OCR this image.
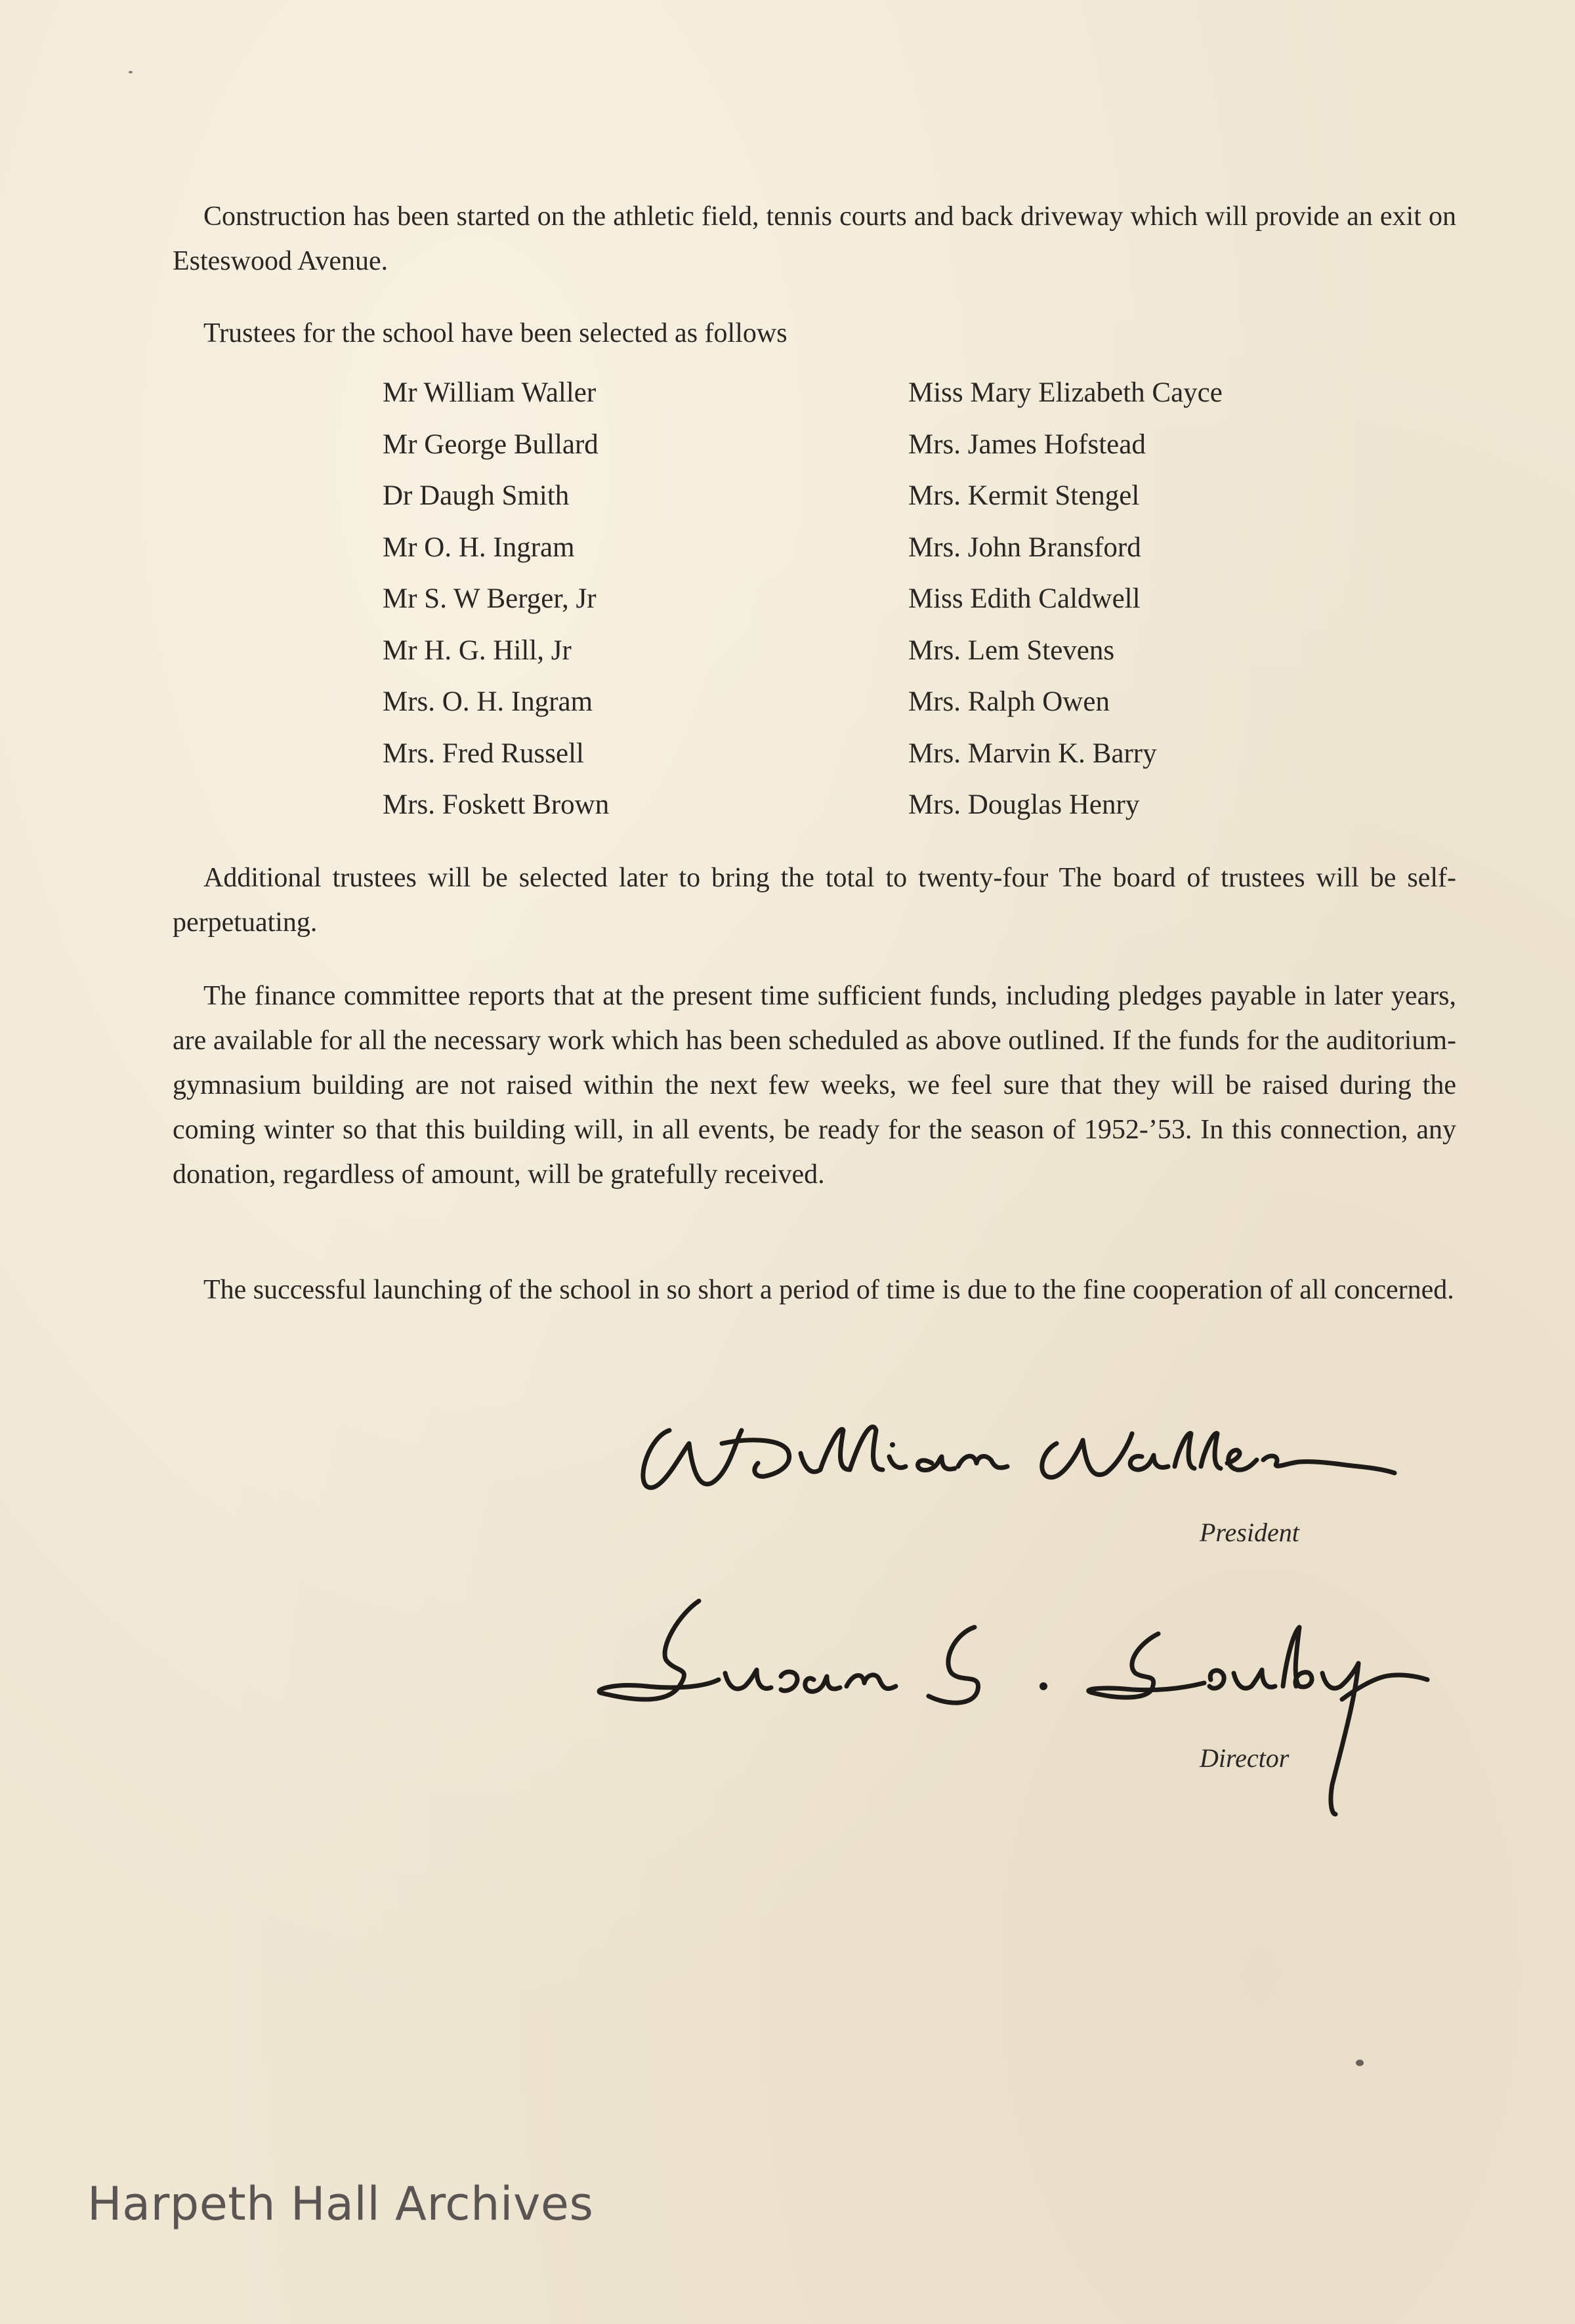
Construction has been started on the athletic field, tennis courts and back driveway which will provide an exit on Esteswood Avenue.

Trustees for the school have been selected as follows

Mr William Waller
Mr George Bullard
Dr Daugh Smith
Mr O. H. Ingram
Mr S. W Berger, Jr
Mr H. G. Hill, Jr
Mrs. O. H. Ingram
Mrs. Fred Russell
Mrs. Foskett Brown
Miss Mary Elizabeth Cayce
Mrs. James Hofstead
Mrs. Kermit Stengel
Mrs. John Bransford
Miss Edith Caldwell
Mrs. Lem Stevens
Mrs. Ralph Owen
Mrs. Marvin K. Barry
Mrs. Douglas Henry

Additional trustees will be selected later to bring the total to twenty-four The board of trustees will be self-perpetuating.

The finance committee reports that at the present time sufficient funds, including pledges payable in later years, are available for all the necessary work which has been scheduled as above outlined. If the funds for the auditorium-gymnasium building are not raised within the next few weeks, we feel sure that they will be raised during the coming winter so that this building will, in all events, be ready for the season of 1952-’53. In this connection, any donation, regardless of amount, will be gratefully received.

The successful launching of the school in so short a period of time is due to the fine cooperation of all concerned.

President

Director

Harpeth Hall Archives
